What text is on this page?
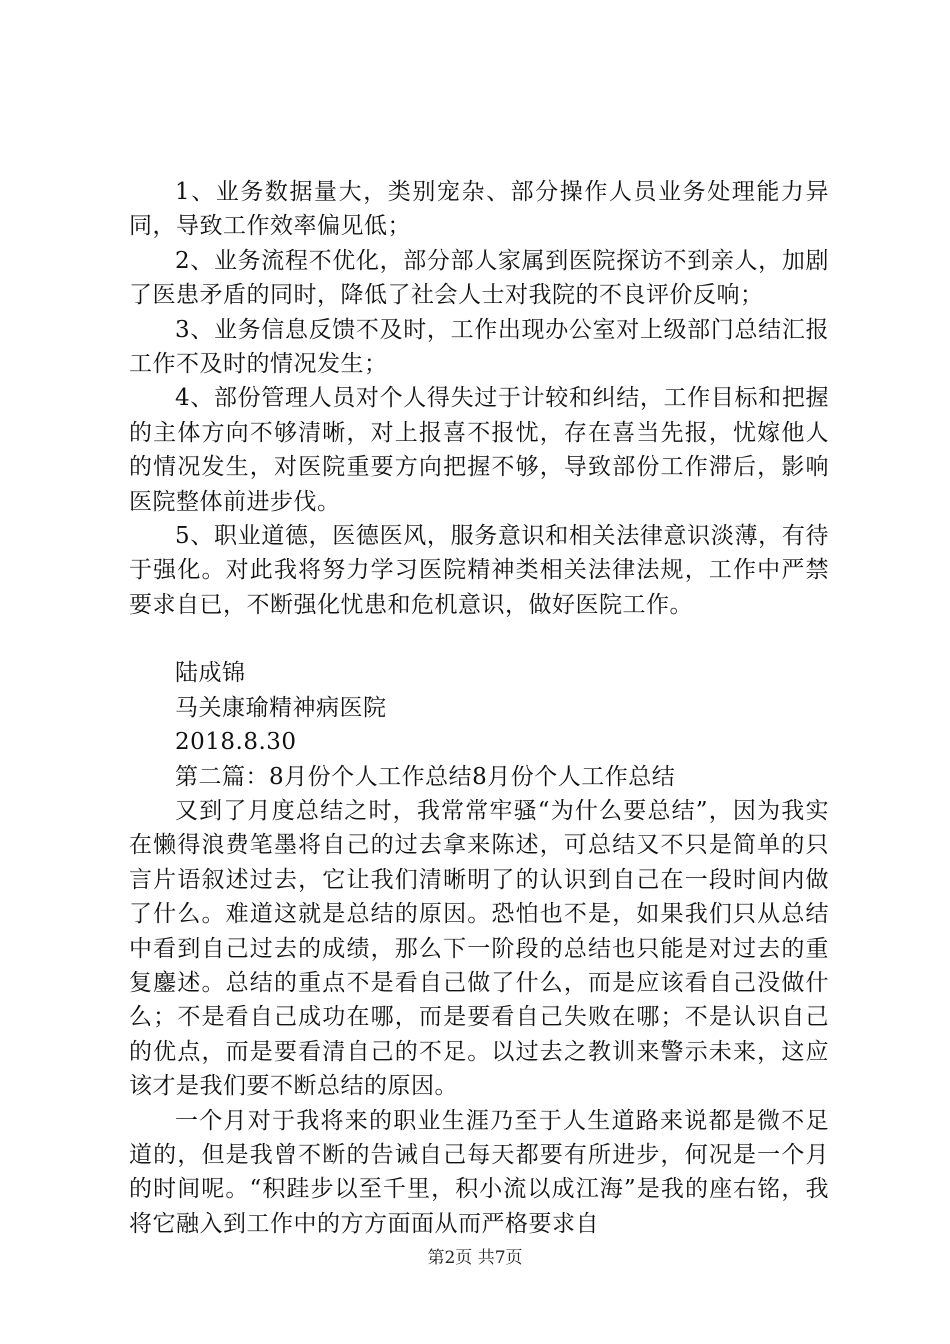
1、业务数据量大，类别宠杂、部分操作人员业务处理能力异同，导致工作效率偏见低；

2、业务流程不优化，部分部人家属到医院探访不到亲人，加剧了医患矛盾的同时，降低了社会人士对我院的不良评价反响；

3、业务信息反馈不及时，工作出现办公室对上级部门总结汇报工作不及时的情况发生；

4、部份管理人员对个人得失过于计较和纠结，工作目标和把握的主体方向不够清晰，对上报喜不报忧，存在喜当先报，忧嫁他人的情况发生，对医院重要方向把握不够，导致部份工作滞后，影响医院整体前进步伐。

5、职业道德，医德医风，服务意识和相关法律意识淡薄，有待于强化。对此我将努力学习医院精神类相关法律法规，工作中严禁要求自已，不断强化忧患和危机意识，做好医院工作。

陆成锦

马关康瑜精神病医院

2018.8.30

第二篇：8月份个人工作总结8月份个人工作总结

又到了月度总结之时，我常常牢骚“为什么要总结”，因为我实在懒得浪费笔墨将自己的过去拿来陈述，可总结又不只是简单的只言片语叙述过去，它让我们清晰明了的认识到自己在一段时间内做了什么。难道这就是总结的原因。恐怕也不是，如果我们只从总结中看到自己过去的成绩，那么下一阶段的总结也只能是对过去的重复鏖述。总结的重点不是看自己做了什么，而是应该看自己没做什么；不是看自己成功在哪，而是要看自己失败在哪；不是认识自己的优点，而是要看清自己的不足。以过去之教训来警示未来，这应该才是我们要不断总结的原因。

一个月对于我将来的职业生涯乃至于人生道路来说都是微不足道的，但是我曾不断的告诫自己每天都要有所进步，何况是一个月的时间呢。“积跬步以至千里，积小流以成江海”是我的座右铭，我将它融入到工作中的方方面面从而严格要求自

第2页 共7页
